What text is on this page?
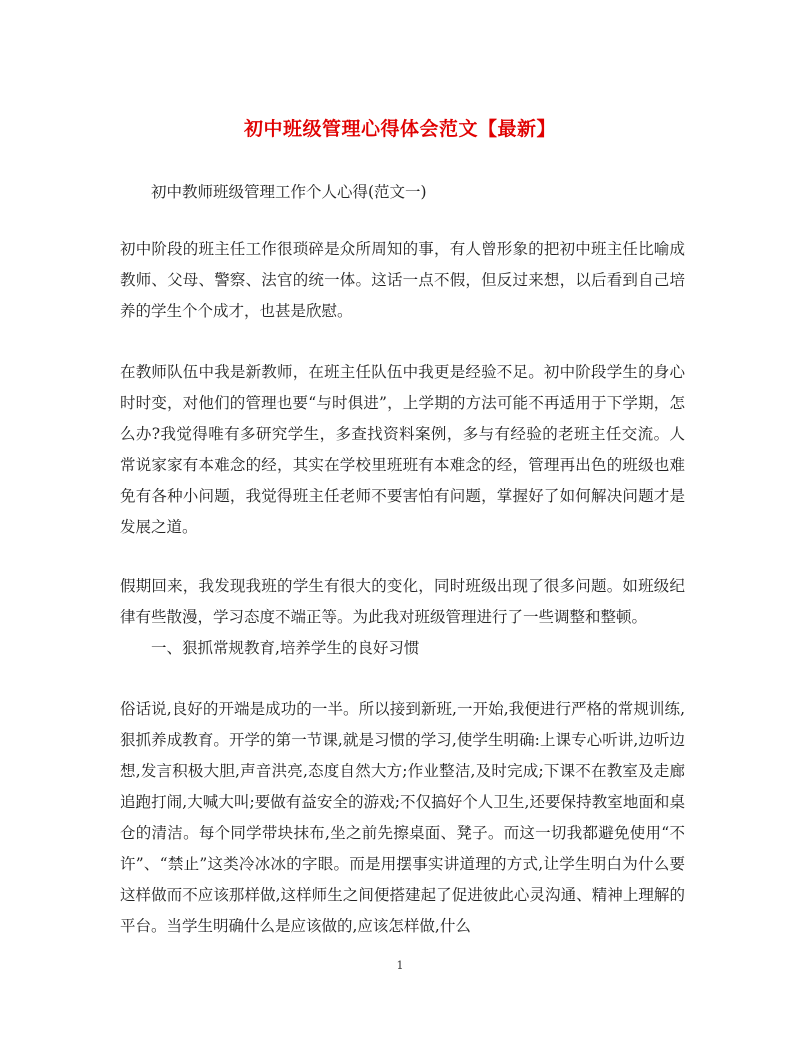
初中班级管理心得体会范文【最新】
初中教师班级管理工作个人心得(范文一)
初中阶段的班主任工作很琐碎是众所周知的事，有人曾形象的把初中班主任比喻成教师、父母、警察、法官的统一体。这话一点不假，但反过来想，以后看到自己培养的学生个个成才，也甚是欣慰。
在教师队伍中我是新教师，在班主任队伍中我更是经验不足。初中阶段学生的身心时时变，对他们的管理也要“与时俱进”，上学期的方法可能不再适用于下学期，怎么办?我觉得唯有多研究学生，多查找资料案例，多与有经验的老班主任交流。人常说家家有本难念的经，其实在学校里班班有本难念的经，管理再出色的班级也难免有各种小问题，我觉得班主任老师不要害怕有问题，掌握好了如何解决问题才是发展之道。
假期回来，我发现我班的学生有很大的变化，同时班级出现了很多问题。如班级纪律有些散漫，学习态度不端正等。为此我对班级管理进行了一些调整和整顿。
一、狠抓常规教育,培养学生的良好习惯
俗话说,良好的开端是成功的一半。所以接到新班,一开始,我便进行严格的常规训练,狠抓养成教育。开学的第一节课,就是习惯的学习,使学生明确:上课专心听讲,边听边想,发言积极大胆,声音洪亮,态度自然大方;作业整洁,及时完成;下课不在教室及走廊追跑打闹,大喊大叫;要做有益安全的游戏;不仅搞好个人卫生,还要保持教室地面和桌仓的清洁。每个同学带块抹布,坐之前先擦桌面、凳子。而这一切我都避免使用“不许”、“禁止”这类冷冰冰的字眼。而是用摆事实讲道理的方式,让学生明白为什么要这样做而不应该那样做,这样师生之间便搭建起了促进彼此心灵沟通、精神上理解的平台。当学生明确什么是应该做的,应该怎样做,什么
1
